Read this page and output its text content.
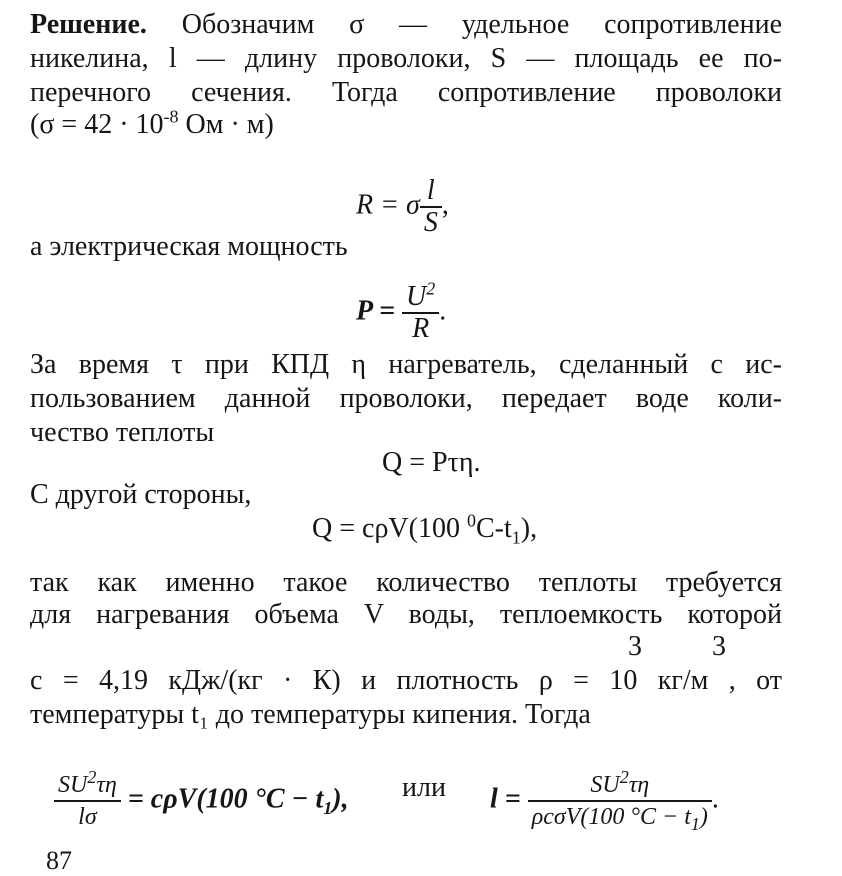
Решение. Обозначим σ — удельное сопротивление
никелина, l — длину проволоки, S — площадь ее по-
перечного сечения. Тогда сопротивление проволоки
($\sigma = 42 \cdot 10^{-8}$ Ом · м)
R = σ $\frac{l}{S}$ ,
а электрическая мощность
$P = \frac{U^2}{R}$ .
За время τ при КПД η нагреватель, сделанный с ис-
пользованием данной проволоки, передает воде коли-
чество теплоты
Q = Pτη.
С другой стороны,
Q = cρV(100 $^0C-t_1$),
так как именно такое количество теплоты требуется
для нагревания объема V воды, теплоемкость которой
3	3
с = 4,19 кДж/(кг · К) и плотность ρ = 10 кг/м , от
температуры t₁ до температуры кипения. Тогда
$\frac{SU^2\tau\eta}{l\sigma} = c\rho V(100$ $^\circ C - t_1$), или $l = \frac{SU^2\tau\eta}{\rho c\sigma V(100 ^\circ C - t_1)}$ .
87
